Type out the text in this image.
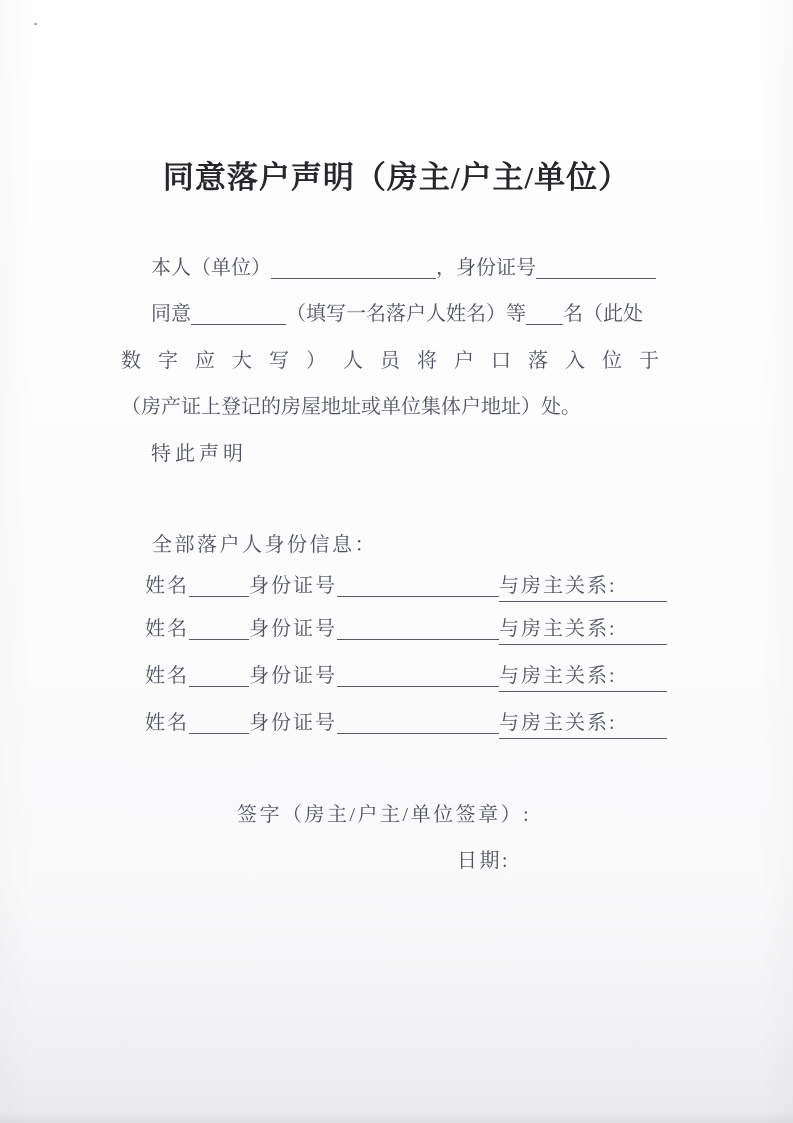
同意落户声明（房主/户主/单位）
本人（单位）	，身份证号
同意	（填写一名落户人姓名）等 名（此处
数字应大写）人员将户口落入位于
（房产证上登记的房屋地址或单位集体户地址）处。
特此声明
全部落户人身份信息：
姓名	身份证号	与房主关系:
姓名	身份证号	与房主关系:
姓名	身份证号	与房主关系:
姓名	身份证号	与房主关系:
签字（房主/户主/单位签章）:
日期:
